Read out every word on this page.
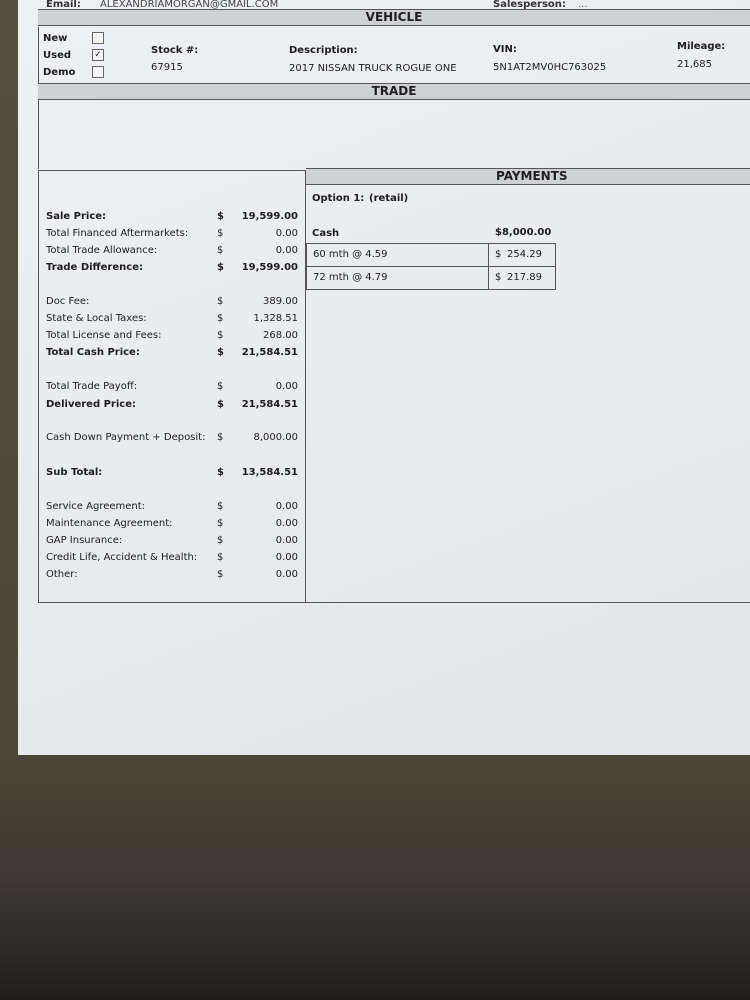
Email: ALEXANDRIAMORGAN@GMAIL.COM	Salesperson: ...
VEHICLE
New
Used	✓
Demo
Stock #:
67915
Description:
2017 NISSAN TRUCK ROGUE ONE
VIN:
5N1AT2MV0HC763025
Mileage:
21,685
TRADE
Sale Price:	$ 19,599.00
Total Financed Aftermarkets:	$	0.00
Total Trade Allowance:	$	0.00
Trade Difference:	$ 19,599.00
Doc Fee:	$	389.00
State & Local Taxes:	$	1,328.51
Total License and Fees:	$	268.00
Total Cash Price:	$ 21,584.51
Total Trade Payoff:	$	0.00
Delivered Price:	$ 21,584.51
Cash Down Payment + Deposit: $	8,000.00
Sub Total:	$ 13,584.51
Service Agreement:	$	0.00
Maintenance Agreement:	$	0.00
GAP Insurance:	$	0.00
Credit Life, Accident & Health: $	0.00
Other:	$	0.00
PAYMENTS
Option 1: (retail)
Cash	$8,000.00
60 mth @ 4.59	$ 254.29
72 mth @ 4.79	$ 217.89
